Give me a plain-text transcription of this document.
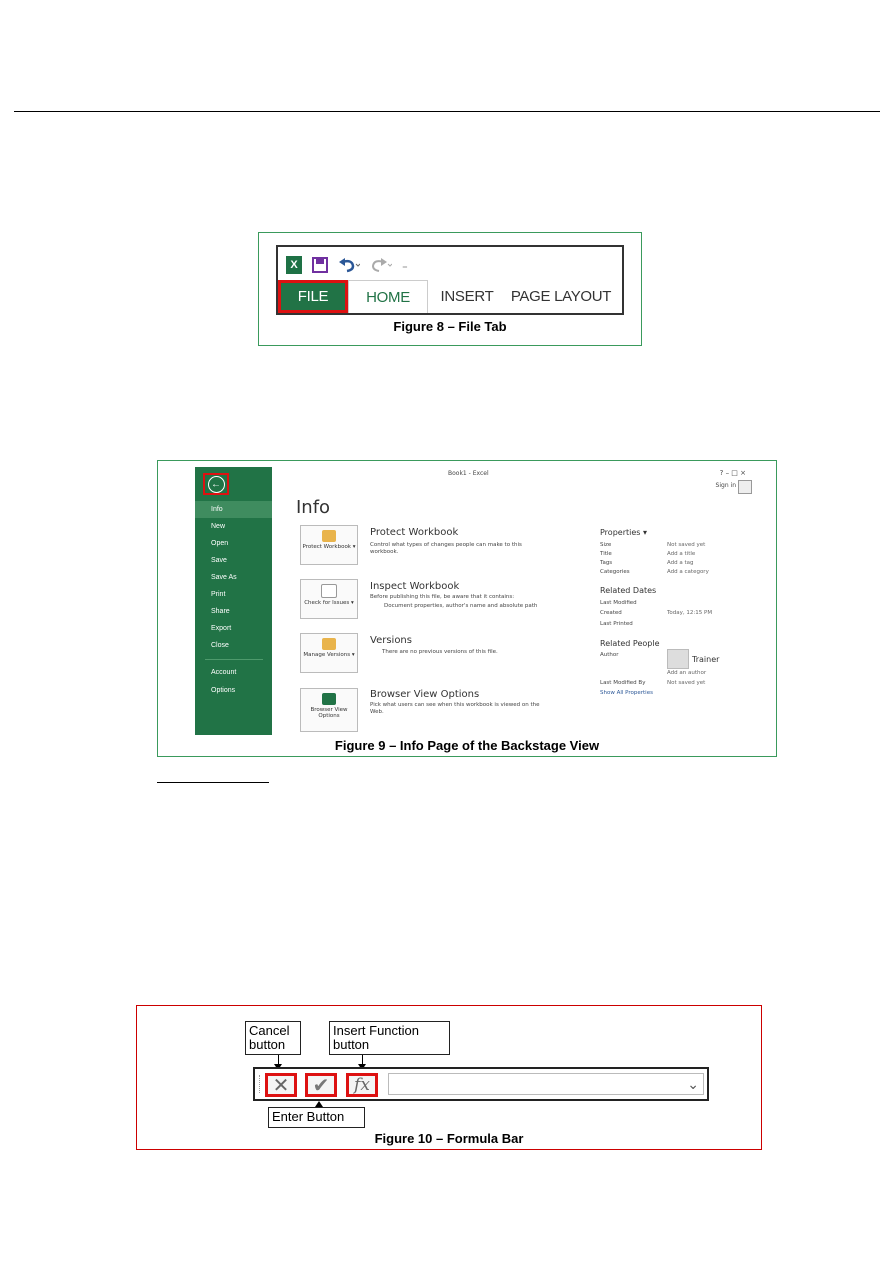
X	₌
FILE	HOME	INSERT	PAGE LAYOUT
Figure 8 – File Tab
←
Info
New
Open
Save
Save As
Print
Share
Export
Close
Account
Options
Book1 - Excel	? – □ ×
Sign in
Info
Protect Workbook ▾
Protect Workbook
Control what types of changes people can make to this workbook.
Check for Issues ▾
Inspect Workbook
Before publishing this file, be aware that it contains:
Document properties, author's name and absolute path
Manage Versions ▾
Versions
There are no previous versions of this file.
Browser View Options
Browser View Options
Pick what users can see when this workbook is viewed on the Web.
Properties ▾
Size	Not saved yet
Title	Add a title
Tags	Add a tag
Categories	Add a category
Related Dates
Last Modified
Created	Today, 12:15 PM
Last Printed
Related People
Author	Trainer
Add an author
Last Modified By	Not saved yet
Show All Properties
Figure 9 – Info Page of the Backstage View
Cancel
button
Insert Function
button
✕ ✔ fx	⌄
Enter Button
Figure 10 – Formula Bar
